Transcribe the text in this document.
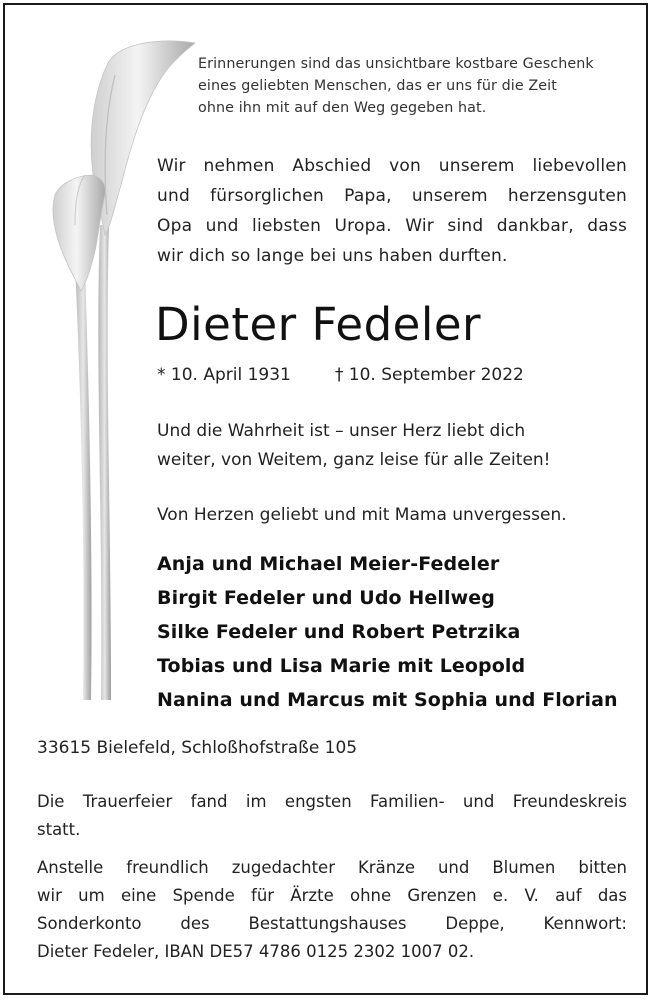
Erinnerungen sind das unsichtbare kostbare Geschenk
eines geliebten Menschen, das er uns für die Zeit
ohne ihn mit auf den Weg gegeben hat.
Wir nehmen Abschied von unserem liebevollen
und fürsorglichen Papa, unserem herzensguten
Opa und liebsten Uropa. Wir sind dankbar, dass
wir dich so lange bei uns haben durften.
Dieter Fedeler
* 10. April 1931	† 10. September 2022
Und die Wahrheit ist – unser Herz liebt dich
weiter, von Weitem, ganz leise für alle Zeiten!
Von Herzen geliebt und mit Mama unvergessen.
Anja und Michael Meier-Fedeler
Birgit Fedeler und Udo Hellweg
Silke Fedeler und Robert Petrzika
Tobias und Lisa Marie mit Leopold
Nanina und Marcus mit Sophia und Florian
33615 Bielefeld, Schloßhofstraße 105
Die Trauerfeier fand im engsten Familien- und Freundeskreis
statt.
Anstelle freundlich zugedachter Kränze und Blumen bitten
wir um eine Spende für Ärzte ohne Grenzen e. V. auf das
Sonderkonto des Bestattungshauses Deppe, Kennwort:
Dieter Fedeler, IBAN DE57 4786 0125 2302 1007 02.
